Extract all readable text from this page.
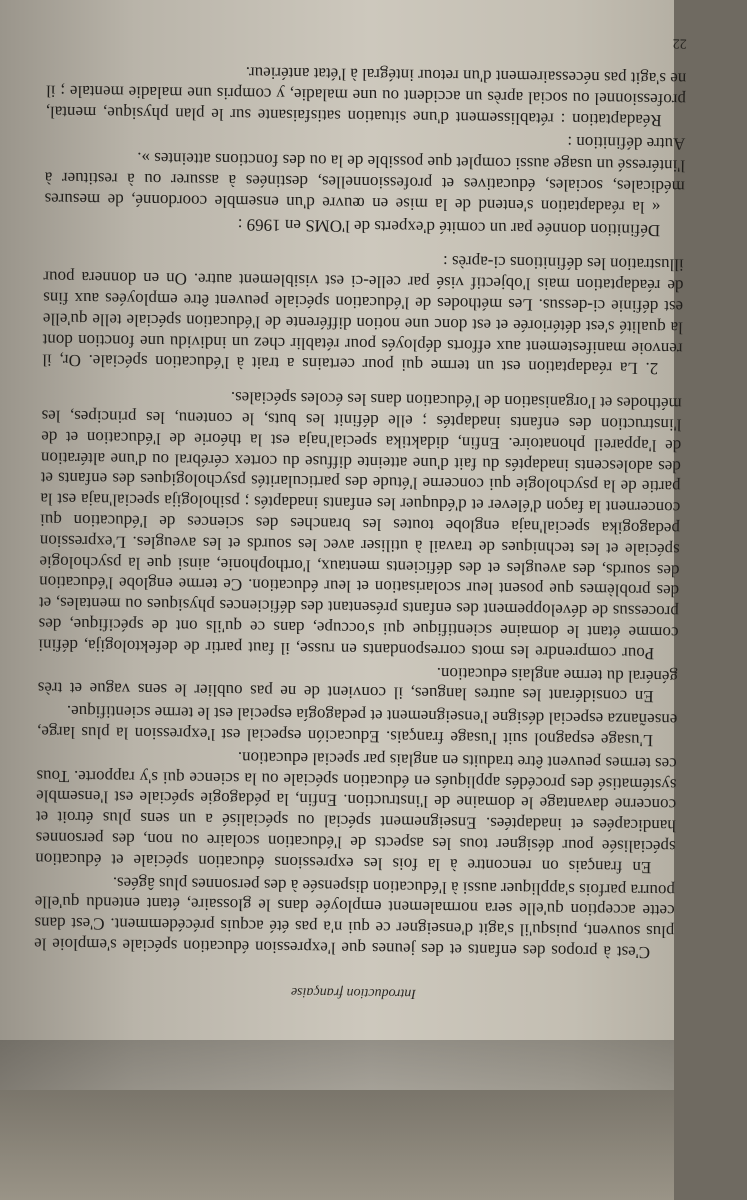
Introduction française

C'est à propos des enfants et des jeunes que l'expression éducation spéciale s'emploie le plus souvent, puisqu'il s'agit d'enseigner ce qui n'a pas été acquis précédemment. C'est dans cette acception qu'elle sera normalement employée dans le glossaire, étant entendu qu'elle pourra parfois s'appliquer aussi à l'éducation dispensée à des personnes plus âgées.

En français on rencontre à la fois les expressions éducation spéciale et éducation spécialisée pour désigner tous les aspects de l'éducation scolaire ou non, des personnes handicapées et inadaptées. Enseignement spécial ou spécialisé a un sens plus étroit et concerne davantage le domaine de l'instruction. Enfin, la pédagogie spéciale est l'ensemble systématisé des procédés appliqués en éducation spéciale ou la science qui s'y rapporte. Tous ces termes peuvent être traduits en anglais par special education.

L'usage espagnol suit l'usage français. Educación especial est l'expression la plus large, enseñanza especial désigne l'enseignement et pedagogía especial est le terme scientifique.

En considérant les autres langues, il convient de ne pas oublier le sens vague et très général du terme anglais education.

Pour comprendre les mots correspondants en russe, il faut partir de defektologija, défini comme étant le domaine scientifique qui s'occupe, dans ce qu'ils ont de spécifique, des processus de développement des enfants présentant des déficiences physiques ou mentales, et des problèmes que posent leur scolarisation et leur éducation. Ce terme englobe l'éducation des sourds, des aveugles et des déficients mentaux, l'orthophonie, ainsi que la psychologie spéciale et les techniques de travail à utiliser avec les sourds et les aveugles. L'expression pedagogika special'naja englobe toutes les branches des sciences de l'éducation qui concernent la façon d'élever et d'éduquer les enfants inadaptés ; psihologija special'naja est la partie de la psychologie qui concerne l'étude des particularités psychologiques des enfants et des adolescents inadaptés du fait d'une atteinte diffuse du cortex cérébral ou d'une altération de l'appareil phonatoire. Enfin, didaktika special'naja est la théorie de l'éducation et de l'instruction des enfants inadaptés ; elle définit les buts, le contenu, les principes, les méthodes et l'organisation de l'éducation dans les écoles spéciales.

2. La réadaptation est un terme qui pour certains a trait à l'éducation spéciale. Or, il renvoie manifestement aux efforts déployés pour rétablir chez un individu une fonction dont la qualité s'est détériorée et est donc une notion différente de l'éducation spéciale telle qu'elle est définie ci-dessus. Les méthodes de l'éducation spéciale peuvent être employées aux fins de réadaptation mais l'objectif visé par celle-ci est visiblement autre. On en donnera pour illustration les définitions ci-après :

Définition donnée par un comité d'experts de l'OMS en 1969 :

« la réadaptation s'entend de la mise en œuvre d'un ensemble coordonné, de mesures médicales, sociales, éducatives et professionnelles, destinées à assurer ou à restituer à l'intéressé un usage aussi complet que possible de la ou des fonctions atteintes ».

Autre définition :

Réadaptation : rétablissement d'une situation satisfaisante sur le plan physique, mental, professionnel ou social après un accident ou une maladie, y compris une maladie mentale ; il ne s'agit pas nécessairement d'un retour intégral à l'état antérieur.

22
